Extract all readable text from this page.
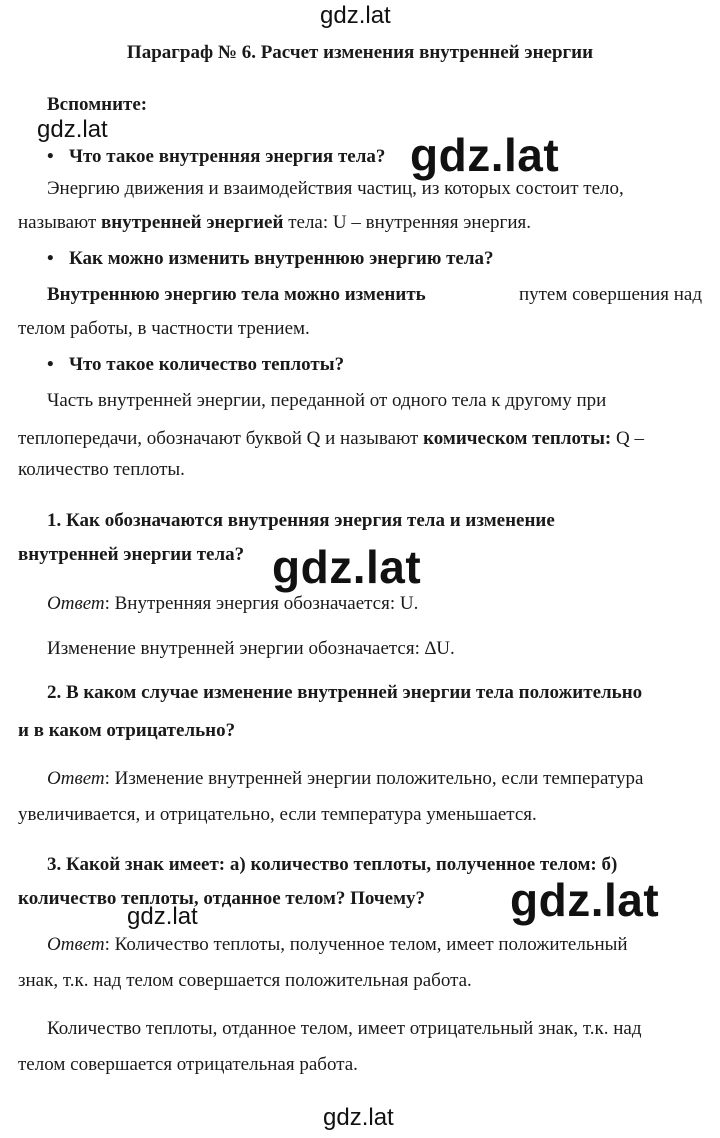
gdz.lat
Параграф № 6. Расчет изменения внутренней энергии
Вспомните:
gdz.lat
• Что такое внутренняя энергия тела? gdz.lat
Энергию движения и взаимодействия частиц, из которых состоит тело,
называют внутренней энергией тела: U – внутренняя энергия.
• Как можно изменить внутреннюю энергию тела?
Внутреннюю энергию тела можно изменить	путем совершения над
телом работы, в частности трением.
• Что такое количество теплоты?
Часть внутренней энергии, переданной от одного тела к другому при
теплопередачи, обозначают буквой Q и называют комическом теплоты: Q –
количество теплоты.
1. Как обозначаются внутренняя энергия тела и изменение
внутренней энергии тела? gdz.lat
Ответ: Внутренняя энергия обозначается: U.
Изменение внутренней энергии обозначается: ∆U.
2. В каком случае изменение внутренней энергии тела положительно
и в каком отрицательно?
Ответ: Изменение внутренней энергии положительно, если температура
увеличивается, и отрицательно, если температура уменьшается.
3. Какой знак имеет: а) количество теплоты, полученное телом: б)
количество теплоты, отданное телом? Почему? gdz.lat
gdz.lat
Ответ: Количество теплоты, полученное телом, имеет положительный
знак, т.к. над телом совершается положительная работа.
Количество теплоты, отданное телом, имеет отрицательный знак, т.к. над
телом совершается отрицательная работа.
gdz.lat
